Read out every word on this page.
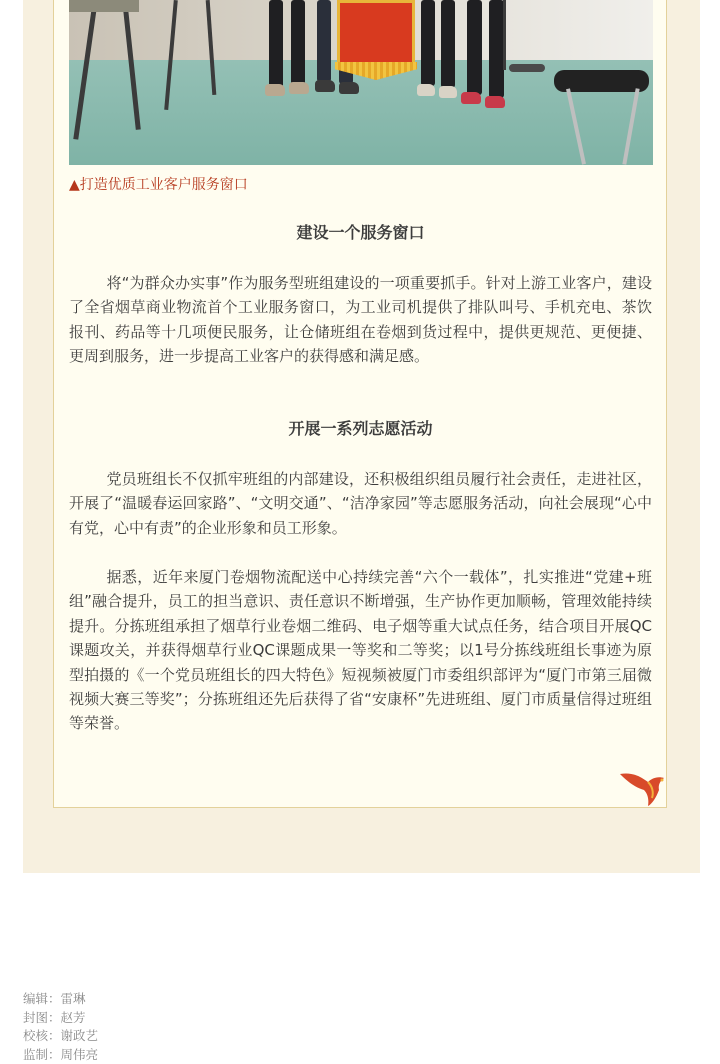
▲打造优质工业客户服务窗口
建设一个服务窗口

将“为群众办实事”作为服务型班组建设的一项重要抓手。针对上游工业客户，建设了全省烟草商业物流首个工业服务窗口，为工业司机提供了排队叫号、手机充电、茶饮报刊、药品等十几项便民服务，让仓储班组在卷烟到货过程中，提供更规范、更便捷、更周到服务，进一步提高工业客户的获得感和满足感。

开展一系列志愿活动

党员班组长不仅抓牢班组的内部建设，还积极组织组员履行社会责任，走进社区，开展了“温暖春运回家路”、“文明交通”、“洁净家园”等志愿服务活动，向社会展现“心中有党，心中有责”的企业形象和员工形象。

据悉，近年来厦门卷烟物流配送中心持续完善“六个一载体”，扎实推进“党建+班组”融合提升，员工的担当意识、责任意识不断增强，生产协作更加顺畅，管理效能持续提升。分拣班组承担了烟草行业卷烟二维码、电子烟等重大试点任务，结合项目开展QC课题攻关，并获得烟草行业QC课题成果一等奖和二等奖；以1号分拣线班组长事迹为原型拍摄的《一个党员班组长的四大特色》短视频被厦门市委组织部评为“厦门市第三届微视频大赛三等奖”；分拣班组还先后获得了省“安康杯”先进班组、厦门市质量信得过班组等荣誉。

编辑：雷琳
封图：赵芳
校核：谢政艺
监制：周伟亮
